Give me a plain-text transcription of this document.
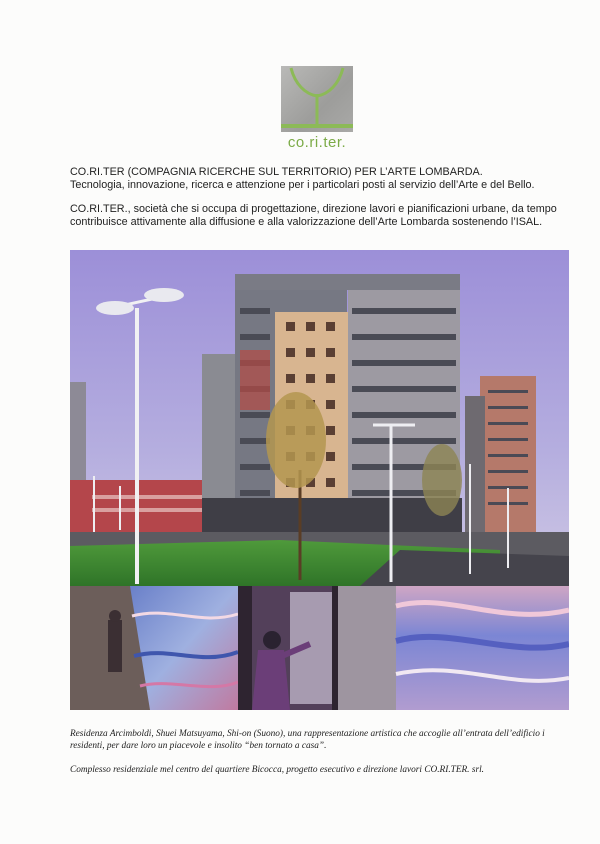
co.ri.ter.

CO.RI.TER (COMPAGNIA RICERCHE SUL TERRITORIO) PER L’ARTE LOMBARDA.

Tecnologia, innovazione, ricerca e attenzione per i particolari posti al servizio dell’Arte e del Bello.

CO.RI.TER., società che si occupa di progettazione, direzione lavori e pianificazioni urbane, da tempo contribuisce attivamente alla diffusione e alla valorizzazione dell’Arte Lombarda sostenendo l’ISAL.

Residenza Arcimboldi, Shuei Matsuyama, Shi-on (Suono), una rappresentazione artistica che accoglie all’entrata dell’edificio i residenti, per dare loro un piacevole e insolito “ben tornato a casa”.

Complesso residenziale mel centro del quartiere Bicocca, progetto esecutivo e direzione lavori CO.RI.TER. srl.
